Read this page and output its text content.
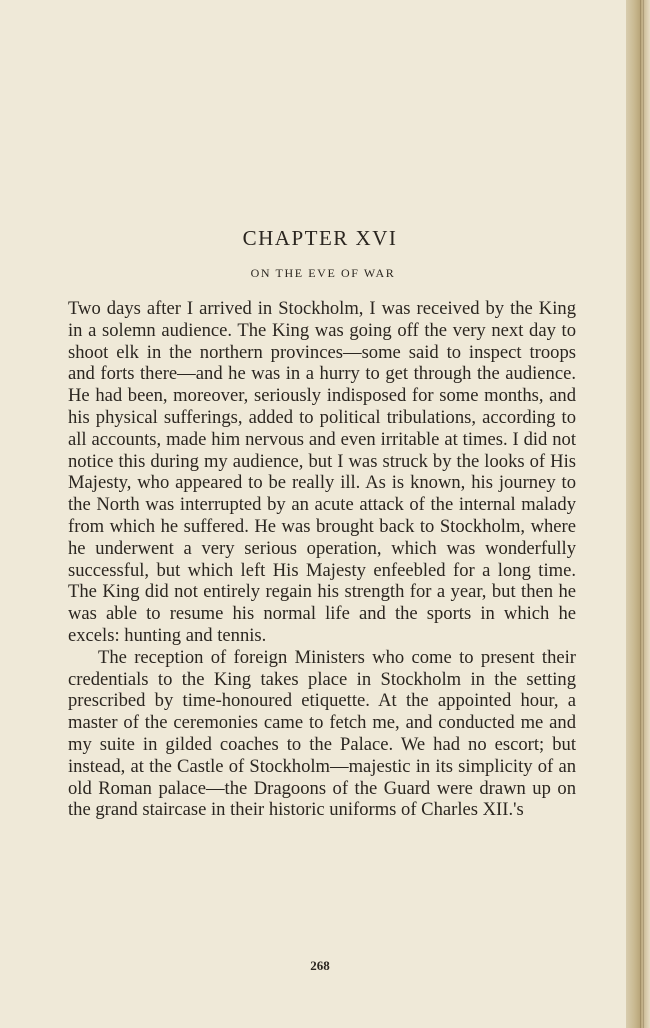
CHAPTER XVI
ON THE EVE OF WAR

Two days after I arrived in Stockholm, I was received by the King in a solemn audience. The King was going off the very next day to shoot elk in the northern provinces—some said to inspect troops and forts there—and he was in a hurry to get through the audience. He had been, moreover, seriously indisposed for some months, and his physical sufferings, added to political tribulations, according to all accounts, made him nervous and even irritable at times. I did not notice this during my audience, but I was struck by the looks of His Majesty, who appeared to be really ill. As is known, his journey to the North was interrupted by an acute attack of the internal malady from which he suffered. He was brought back to Stockholm, where he underwent a very serious operation, which was wonderfully successful, but which left His Majesty enfeebled for a long time. The King did not entirely regain his strength for a year, but then he was able to resume his normal life and the sports in which he excels: hunting and tennis.

The reception of foreign Ministers who come to present their credentials to the King takes place in Stockholm in the setting prescribed by time-honoured etiquette. At the appointed hour, a master of the ceremonies came to fetch me, and conducted me and my suite in gilded coaches to the Palace. We had no escort; but instead, at the Castle of Stockholm—majestic in its simplicity of an old Roman palace—the Dragoons of the Guard were drawn up on the grand staircase in their historic uniforms of Charles XII.'s

268
